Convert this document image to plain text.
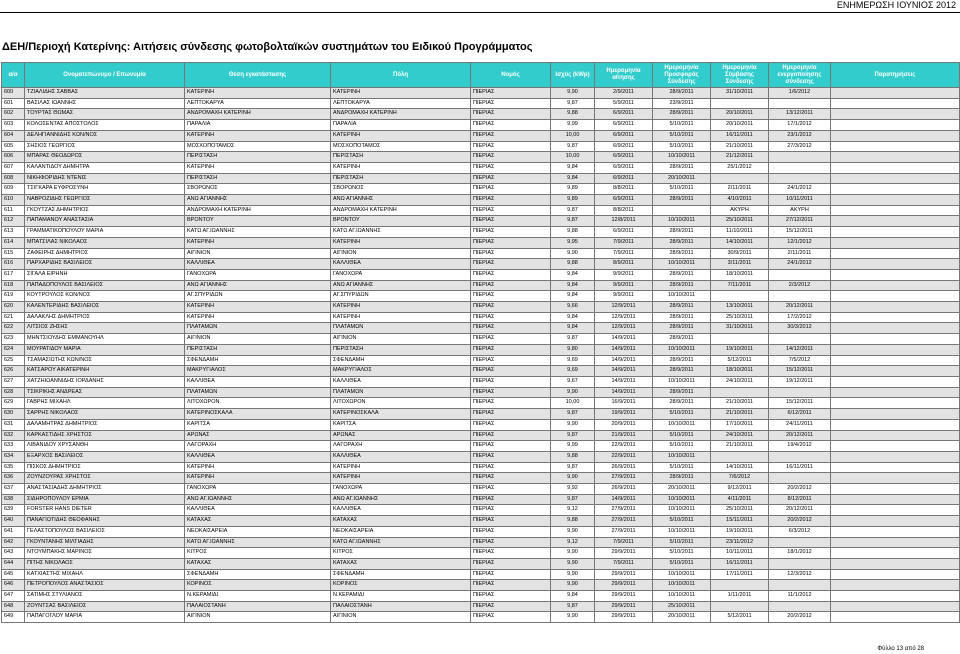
ΕΝΗΜΕΡΩΣΗ ΙΟΥΝΙΟΣ 2012
ΔΕΗ/Περιοχή Κατερίνης: Αιτήσεις σύνδεσης φωτοβολταϊκών συστημάτων του Ειδικού Προγράμματος
α/α	Ονοματεπώνυμο / Επωνυμία	Θέση εγκατάστασης	Πόλη	Νομός	Ισχύς (kWp)	Ημερομηνία αίτησης	Ημερομηνία Προσφοράς Σύνδεσης	Ημερομηνία Σύμβασης Σύνδεσης	Ημερομηνία ενεργοποίησης σύνδεσης	Παρατηρήσεις
600	ΤΖΙΑΛΙΔΗΣ ΣΑΒΒΑΣ	ΚΑΤΕΡΙΝΗ	ΚΑΤΕΡΙΝΗ	ΠΙΕΡΙΑΣ	9,90	2/9/2011	28/9/2011	31/10/2011	1/6/2012	
601	ΒΑΣΙΛΑΣ ΙΩΑΝΝΗΣ	ΛΕΠΤΟΚΑΡΥΑ	ΛΕΠΤΟΚΑΡΥΑ	ΠΙΕΡΙΑΣ	9,87	5/9/2011	23/9/2011			
602	ΤΟΥΡΤΑΣ ΘΩΜΑΣ	ΑΝΔΡΟΜΑΧΗ ΚΑΤΕΡΙΝΗ	ΑΝΔΡΟΜΑΧΗ ΚΑΤΕΡΙΝΗ	ΠΙΕΡΙΑΣ	9,88	6/9/2011	28/9/2011	20/10/2011	13/12/2011	
603	ΚΟΛΟΣΕΝΤΑΣ ΑΠΟΣΤΟΛΟΣ	ΠΑΡΑΛΙΑ	ΠΑΡΑΛΙΑ	ΠΙΕΡΙΑΣ	9,99	6/9/2011	5/10/2011	20/10/2011	17/1/2012	
604	ΔΕΛΗΓΙΑΝΝΙΔΗΣ ΚΩΝ/ΝΟΣ	ΚΑΤΕΡΙΝΗ	ΚΑΤΕΡΙΝΗ	ΠΙΕΡΙΑΣ	10,00	6/9/2011	5/10/2011	16/11/2011	23/1/2012	
605	ΣΗΣΙΟΣ ΓΕΩΡΓΙΟΣ	ΜΟΣΧΟΠΟΤΑΜΟΣ	ΜΟΣΧΟΠΟΤΑΜΟΣ	ΠΙΕΡΙΑΣ	9,87	6/9/2011	5/10/2011	21/10/2011	27/3/2012	
606	ΜΠΑΡΑΣ ΘΕΟΔΩΡΟΣ	ΠΕΡΙΣΤΑΣΗ	ΠΕΡΙΣΤΑΣΗ	ΠΙΕΡΙΑΣ	10,00	6/9/2011	10/10/2011	21/12/2011		
607	ΚΑΛΑΝΤΙΔΟΥ ΔΗΜΗΤΡΑ	ΚΑΤΕΡΙΝΗ	ΚΑΤΕΡΙΝΗ	ΠΙΕΡΙΑΣ	9,84	6/9/2011	28/9/2011	25/1/2012		
608	ΝΙΚΗΦΟΡΙΔΗΣ ΝΤΕΝΙΣ	ΠΕΡΙΣΤΑΣΗ	ΠΕΡΙΣΤΑΣΗ	ΠΙΕΡΙΑΣ	9,84	6/9/2011	20/10/2011			
609	ΤΣΙΓΚΑΡΑ ΕΥΦΡΟΣΥΝΗ	ΣΒΟΡΩΝΟΣ	ΣΒΟΡΩΝΟΣ	ΠΙΕΡΙΑΣ	9,89	8/8/2011	5/10/2011	2/11/2011	24/1/2012	
610	ΝΑΒΡΟΖΙΔΗΣ ΓΕΩΡΓΙΟΣ	ΑΝΩ ΑΓΙΑΝΝΗΣ	ΑΝΩ ΑΓΙΑΝΝΗΣ	ΠΙΕΡΙΑΣ	9,89	6/9/2011	28/9/2011	4/10/2011	10/11/2011	
611	ΓΚΟΥΤΖΑΣ ΔΗΜΗΤΡΙΟΣ	ΑΝΔΡΟΜΑΧΗ ΚΑΤΕΡΙΝΗ	ΑΝΔΡΟΜΑΧΗ ΚΑΤΕΡΙΝΗ	ΠΙΕΡΙΑΣ	9,87	8/8/2011		ΑΚΥΡΗ	ΑΚΥΡΗ	
612	ΠΑΠΑΜΑΝΟΥ ΑΝΑΣΤΑΣΙΑ	ΒΡΟΝΤΟΥ	ΒΡΟΝΤΟΥ	ΠΙΕΡΙΑΣ	9,87	12/8/2011	10/10/2011	25/10/2011	27/12/2011	
613	ΓΡΑΜΜΑΤΙΚΟΠΟΥΛΟΥ ΜΑΡΙΑ	ΚΑΤΩ ΑΓ.ΙΩΑΝΝΗΣ	ΚΑΤΩ ΑΓ.ΙΩΑΝΝΗΣ	ΠΙΕΡΙΑΣ	9,88	6/9/2011	28/9/2011	11/10/2011	15/12/2011	
614	ΜΠΑΤΣΙΛΑΣ ΝΙΚΟΛΑΟΣ	ΚΑΤΕΡΙΝΗ	ΚΑΤΕΡΙΝΗ	ΠΙΕΡΙΑΣ	9,95	7/9/2011	28/9/2011	14/10/2011	12/1/2012	
615	ΖΑΦΕΙΡΗΣ ΔΗΜΗΤΡΙΟΣ	ΑΙΓΙΝΙΟΝ	ΑΙΓΙΝΙΟΝ	ΠΙΕΡΙΑΣ	9,90	7/9/2011	28/9/2011	30/9/2011	2/11/2011	
616	ΠΑΡΧΑΡΙΔΗΣ ΒΑΣΙΛΕΙΟΣ	ΚΑΛΛΙΘΕΑ	ΚΑΛΛΙΘΕΑ	ΠΙΕΡΙΑΣ	9,88	8/9/2011	10/10/2011	3/11/2011	24/1/2012	
617	ΣΙΓΑΛΑ ΕΙΡΗΝΗ	ΓΑΝΟΧΩΡΑ	ΓΑΝΟΧΩΡΑ	ΠΙΕΡΙΑΣ	9,84	9/9/2011	28/9/2011	18/10/2011		
618	ΠΑΠΑΔΟΠΟΥΛΟΣ ΒΑΣΙΛΕΙΟΣ	ΑΝΩ ΑΓΙΑΝΝΗΣ	ΑΝΩ ΑΓΙΑΝΝΗΣ	ΠΙΕΡΙΑΣ	9,84	9/9/2011	28/9/2011	7/11/2011	2/3/2012	
619	ΚΟΥΤΡΟΥΛΟΣ ΚΩΝ/ΝΟΣ	ΑΓ.ΣΠΥΡΙΔΩΝ	ΑΓ.ΣΠΥΡΙΔΩΝ	ΠΙΕΡΙΑΣ	9,84	9/9/2011	10/10/2011			
620	ΚΑΛΕΝΤΕΡΙΔΗΣ ΒΑΣΙΛΕΙΟΣ	ΚΑΤΕΡΙΝΗ	ΚΑΤΕΡΙΝΗ	ΠΙΕΡΙΑΣ	9,66	12/9/2011	28/9/2011	13/10/2011	20/12/2011	
621	ΔΑΛΑΚΛΗΣ ΔΗΜΗΤΡΙΟΣ	ΚΑΤΕΡΙΝΗ	ΚΑΤΕΡΙΝΗ	ΠΙΕΡΙΑΣ	9,84	12/9/2011	28/9/2011	25/10/2011	17/2/2012	
622	ΛΙΤΣΙΟΣ ΖΗΣΗΣ	ΠΛΑΤΑΜΩΝ	ΠΛΑΤΑΜΩΝ	ΠΙΕΡΙΑΣ	9,84	12/9/2011	28/9/2011	31/10/2011	30/3/2012	
623	ΜΗΝΤΣΙΟΥΔΗΣ ΕΜΜΑΝΟΥΗΛ	ΑΙΓΙΝΙΟΝ	ΑΙΓΙΝΙΟΝ	ΠΙΕΡΙΑΣ	9,87	14/9/2011	28/9/2011			
624	ΜΟΥΡΑΤΙΔΟΥ ΜΑΡΙΑ	ΠΕΡΙΣΤΑΣΗ	ΠΕΡΙΣΤΑΣΗ	ΠΙΕΡΙΑΣ	9,80	14/9/2011	10/10/2011	19/10/2011	14/12/2011	
625	ΤΣΑΜΑΣΙΩΤΗΣ ΚΩΝ/ΝΟΣ	ΣΦΕΝΔΑΜΗ	ΣΦΕΝΔΑΜΗ	ΠΙΕΡΙΑΣ	9,69	14/9/2011	28/9/2011	5/12/2011	7/5/2012	
626	ΚΑΤΣΑΡΟΥ ΑΙΚΑΤΕΡΙΝΗ	ΜΑΚΡΥΓΙΑΛΟΣ	ΜΑΚΡΥΓΙΑΛΟΣ	ΠΙΕΡΙΑΣ	9,69	14/9/2011	28/9/2011	18/10/2011	15/12/2011	
627	ΧΑΤΖΗΙΩΑΝΝΙΔΗΣ ΙΟΡΔΑΝΗΣ	ΚΑΛΛΙΘΕΑ	ΚΑΛΛΙΘΕΑ	ΠΙΕΡΙΑΣ	9,67	14/9/2011	10/10/2011	24/10/2011	19/12/2011	
628	ΤΣΙΚΡΙΚΗΣ ΑΝΔΡΕΑΣ	ΠΛΑΤΑΜΩΝ	ΠΛΑΤΑΜΩΝ	ΠΙΕΡΙΑΣ	9,90	14/9/2011	28/9/2011			
629	ΓΑΒΡΗΣ ΜΙΧΑΗΛ	ΛΙΤΟΧΩΡΟΝ	ΛΙΤΟΧΩΡΟΝ	ΠΙΕΡΙΑΣ	10,00	16/9/2011	28/9/2011	21/10/2011	15/12/2011	
630	ΣΑΡΡΗΣ ΝΙΚΟΛΑΟΣ	ΚΑΤΕΡΙΝΟΣΚΑΛΑ	ΚΑΤΕΡΙΝΟΣΚΑΛΑ	ΠΙΕΡΙΑΣ	9,87	19/9/2011	5/10/2011	21/10/2011	6/12/2011	
631	ΔΑΛΑΜΗΤΡΑΣ ΔΗΜΗΤΡΙΟΣ	ΚΑΡΙΤΣΑ	ΚΑΡΙΤΣΑ	ΠΙΕΡΙΑΣ	9,90	20/9/2011	10/10/2011	17/10/2011	24/11/2011	
632	ΚΑΡΚΑΣΤΙΔΗΣ ΧΡΗΣΤΟΣ	ΑΡΩΝΑΣ	ΑΡΩΝΑΣ	ΠΙΕΡΙΑΣ	9,87	21/9/2011	5/10/2011	24/10/2011	20/12/2011	
633	ΛΙΒΑΝΙΔΟΥ ΧΡΥΣΑΝΘΗ	ΛΑΓΟΡΑΧΗ	ΛΑΓΟΡΑΧΗ	ΠΙΕΡΙΑΣ	9,99	22/9/2011	5/10/2011	21/10/2011	19/4/2012	
634	ΕΞΑΡΧΟΣ ΒΑΣΙΛΕΙΟΣ	ΚΑΛΛΙΘΕΑ	ΚΑΛΛΙΘΕΑ	ΠΙΕΡΙΑΣ	9,88	22/9/2011	10/10/2011			
635	ΠΙΣΚΟΣ ΔΗΜΗΤΡΙΟΣ	ΚΑΤΕΡΙΝΗ	ΚΑΤΕΡΙΝΗ	ΠΙΕΡΙΑΣ	9,87	26/9/2011	5/10/2011	14/10/2011	16/11/2011	
636	ΖΟΥΝΖΟΥΡΑΣ ΧΡΗΣΤΟΣ	ΚΑΤΕΡΙΝΗ	ΚΑΤΕΡΙΝΗ	ΠΙΕΡΙΑΣ	9,90	27/9/2011	28/9/2011	7/6/2012		
637	ΑΝΑΣΤΑΣΙΑΔΗΣ ΔΗΜΗΤΡΙΟΣ	ΓΑΝΟΧΩΡΑ	ΓΑΝΟΧΩΡΑ	ΠΙΕΡΙΑΣ	9,92	26/9/2011	20/10/2011	9/12/2011	20/2/2012	
638	ΣΙΔΗΡΟΠΟΥΛΟΥ ΕΡΜΙΑ	ΑΝΩ ΑΓ.ΙΩΑΝΝΗΣ	ΑΝΩ ΑΓ.ΙΩΑΝΝΗΣ	ΠΙΕΡΙΑΣ	9,87	14/9/2011	10/10/2011	4/11/2011	8/12/2011	
639	FORSTER HANS DIETER	ΚΑΛΛΙΘΕΑ	ΚΑΛΛΙΘΕΑ	ΠΙΕΡΙΑΣ	9,12	27/9/2011	10/10/2011	25/10/2011	20/12/2011	
640	ΠΑΝΑΓΙΩΤΙΔΗΣ ΘΕΟΦΑΝΗΣ	ΚΑΤΑΧΑΣ	ΚΑΤΑΧΑΣ	ΠΙΕΡΙΑΣ	9,88	27/9/2011	5/10/2011	15/11/2011	20/2/2012	
641	ΓΕΛΑΣΤΟΠΟΥΛΟΣ ΒΑΣΙΛΕΙΟΣ	ΝΕΟΚΑΙΣΑΡΕΙΑ	ΝΕΟΚΑΙΣΑΡΕΙΑ	ΠΙΕΡΙΑΣ	9,90	27/9/2011	10/10/2011	19/10/2011	6/3/2012	
642	ΓΚΟΥΝΤΑΝΗΣ ΜΙΛΤΙΑΔΗΣ	ΚΑΤΩ ΑΓ.ΙΩΑΝΝΗΣ	ΚΑΤΩ ΑΓ.ΙΩΑΝΝΗΣ	ΠΙΕΡΙΑΣ	9,12	7/9/2011	5/10/2011	23/11/2012		
643	ΝΤΟΥΜΠΑΚΗΣ ΜΑΡΙΝΟΣ	ΚΙΤΡΟΣ	ΚΙΤΡΟΣ	ΠΙΕΡΙΑΣ	9,90	29/9/2011	5/10/2011	10/11/2011	18/1/2012	
644	ΠΙΤΗΣ ΝΙΚΟΛΑΟΣ	ΚΑΤΑΧΑΣ	ΚΑΤΑΧΑΣ	ΠΙΕΡΙΑΣ	9,90	7/9/2011	5/10/2011	16/11/2011		
645	ΚΑΤΧΙΑΣΤΗΣ ΜΙΧΑΗΛ	ΣΦΕΝΔΑΜΗ	ΣΦΕΝΔΑΜΗ	ΠΙΕΡΙΑΣ	9,90	29/9/2011	10/10/2011	17/11/2011	12/3/2012	
646	ΠΕΤΡΟΠΟΥΛΟΣ ΑΝΑΣΤΑΣΙΟΣ	ΚΟΡΙΝΟΣ	ΚΟΡΙΝΟΣ	ΠΙΕΡΙΑΣ	9,90	29/9/2011	10/10/2011			
647	ΣΑΤΙΜΗΣ ΣΤΥΛΙΑΝΟΣ	Ν.ΚΕΡΑΜΙΔΙ	Ν.ΚΕΡΑΜΙΔΙ	ΠΙΕΡΙΑΣ	9,84	29/9/2011	10/10/2011	1/11/2011	11/1/2012	
648	ΖΟΥΝΤΣΑΣ ΒΑΣΙΛΕΙΟΣ	ΠΑΛΑΙΟΣΤΑΝΗ	ΠΑΛΑΙΟΣΤΑΝΗ	ΠΙΕΡΙΑΣ	9,87	29/9/2011	25/10/2011			
649	ΠΑΠΑΓΟΓΛΟΥ ΜΑΡΙΑ	ΑΙΓΙΝΙΟΝ	ΑΙΓΙΝΙΟΝ	ΠΙΕΡΙΑΣ	9,90	29/9/2011	20/10/2011	5/12/2011	20/2/2012	
Φύλλο 13 από 28
